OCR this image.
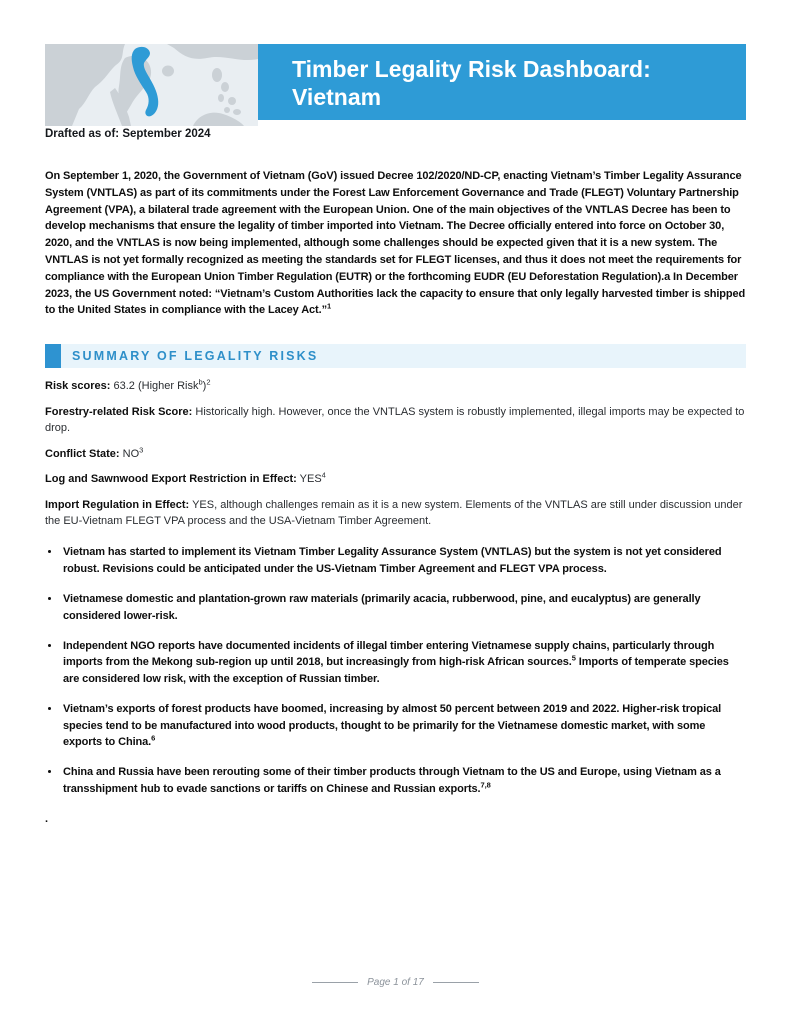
Timber Legality Risk Dashboard:
Vietnam
Drafted as of: September 2024

On September 1, 2020, the Government of Vietnam (GoV) issued Decree 102/2020/ND-CP, enacting Vietnam’s Timber Legality Assurance System (VNTLAS) as part of its commitments under the Forest Law Enforcement Governance and Trade (FLEGT) Voluntary Partnership Agreement (VPA), a bilateral trade agreement with the European Union. One of the main objectives of the VNTLAS Decree has been to develop mechanisms that ensure the legality of timber imported into Vietnam. The Decree officially entered into force on October 30, 2020, and the VNTLAS is now being implemented, although some challenges should be expected given that it is a new system. The VNTLAS is not yet formally recognized as meeting the standards set for FLEGT licenses, and thus it does not meet the requirements for compliance with the European Union Timber Regulation (EUTR) or the forthcoming EUDR (EU Deforestation Regulation).a In December 2023, the US Government noted: “Vietnam’s Custom Authorities lack the capacity to ensure that only legally harvested timber is shipped to the United States in compliance with the Lacey Act.”$^1$

SUMMARY OF LEGALITY RISKS

Risk scores: 63.2 (Higher Risk$^b$)$^2$

Forestry-related Risk Score: Historically high. However, once the VNTLAS system is robustly implemented, illegal imports may be expected to drop.

Conflict State: $NO^3$

Log and Sawnwood Export Restriction in Effect: YES$^4$

Import Regulation in Effect: YES, although challenges remain as it is a new system. Elements of the VNTLAS are still under discussion under the EU-Vietnam FLEGT VPA process and the USA-Vietnam Timber Agreement.

• Vietnam has started to implement its Vietnam Timber Legality Assurance System (VNTLAS) but the system is not yet considered robust. Revisions could be anticipated under the US-Vietnam Timber Agreement and FLEGT VPA process.
• Vietnamese domestic and plantation-grown raw materials (primarily acacia, rubberwood, pine, and eucalyptus) are generally considered lower-risk.
• Independent NGO reports have documented incidents of illegal timber entering Vietnamese supply chains, particularly through imports from the Mekong sub-region up until 2018, but increasingly from high-risk African sources.$^5$ Imports of temperate species are considered low risk, with the exception of Russian timber.
• Vietnam’s exports of forest products have boomed, increasing by almost 50 percent between 2019 and 2022. Higher-risk tropical species tend to be manufactured into wood products, thought to be primarily for the Vietnamese domestic market, with some exports to China.$^6$
• China and Russia have been rerouting some of their timber products through Vietnam to the US and Europe, using Vietnam as a transshipment hub to evade sanctions or tariffs on Chinese and Russian exports.$^{7,8}$
.
Page 1 of 17
